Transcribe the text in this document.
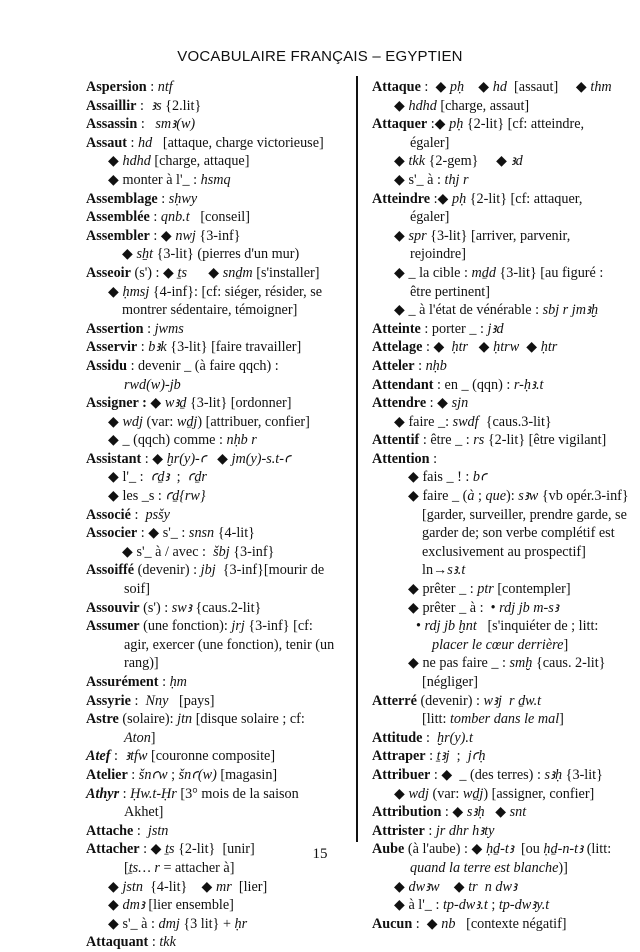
VOCABULAIRE FRANÇAIS – EGYPTIEN
Aspersion : ntf
Assaillir :  ꜣs {2.lit}
Assassin :   smꜣ(w)
Assaut : hd   [attaque, charge victorieuse]
◆ hdhd [charge, attaque]
◆ monter à l'_ : hsmq
Assemblage : sḥwy
Assemblée : qnb.t   [conseil]
Assembler : ◆ nwj {3-inf}
◆ sẖt {3-lit} (pierres d'un mur)
Asseoir (s') : ◆ ṯs      ◆ snḏm [s'installer]
◆ ḥmsj {4-inf}: [cf: siéger, résider, se
montrer sédentaire, témoigner]
Assertion : jwms
Asservir : bꜣk {3-lit} [faire travailler]
Assidu : devenir _ (à faire qqch) :
rwd(w)-jb
Assigner : ◆ wꜣḏ {3-lit} [ordonner]
◆ wdj (var: wḏj) [attribuer, confier]
◆ _ (qqch) comme : nḥb r
Assistant : ◆ ḫr(y)-ꜥ   ◆ jm(y)-s.t-ꜥ
◆ l'_ :  ꜥḏꜣ  ;  ꜥḏr
◆ les _s : ꜥḏ{rw}
Associé :  psšy
Associer : ◆ s'_ : snsn {4-lit}
◆ s'_ à / avec :  šbj {3-inf}
Assoiffé (devenir) : jbj  {3-inf}[mourir de
soif]
Assouvir (s') : swꜣ {caus.2-lit}
Assumer (une fonction): jrj {3-inf} [cf:
agir, exercer (une fonction), tenir (un
rang)]
Assurément : ḥm
Assyrie :  Nny   [pays]
Astre (solaire): jtn [disque solaire ; cf:
Aton]
Atef :  ꜣtfw [couronne composite]
Atelier : šnꜥw ; šnꜥ(w) [magasin]
Athyr : Ḥw.t-Ḥr [3° mois de la saison
Akhet]
Attache :  jstn
Attacher : ◆ ṯs {2-lit}  [unir]
[ṯs… r = attacher à]
◆ jstn  {4-lit}    ◆ mr  [lier]
◆ dmꜣ [lier ensemble]
◆ s'_ à : dmj {3 lit} + ḥr
Attaquant : tkk
Attaque :  ◆ pḥ    ◆ hd  [assaut]     ◆ thm
◆ hdhd [charge, assaut]
Attaquer :◆ pḥ {2-lit} [cf: atteindre,
égaler]
◆ tkk {2-gem}     ◆ ꜣd
◆ s'_ à : thj r
Atteindre :◆ pḥ {2-lit} [cf: attaquer,
égaler]
◆ spr {3-lit} [arriver, parvenir,
rejoindre]
◆ _ la cible : mḏd {3-lit} [au figuré :
être pertinent]
◆ _ à l'état de vénérable : sbj r jmꜣḫ
Atteinte : porter _ : jꜣd
Attelage : ◆  ḥtr   ◆ ḥtrw  ◆ ḥtr
Atteler : nḥb
Attendant : en _ (qqn) : r-ḥꜣ.t
Attendre : ◆ sjn
◆ faire _: swdf  {caus.3-lit}
Attentif : être _ : rs {2-lit} [être vigilant]
Attention :
◆ fais _ ! : bꜥ
◆ faire _ (à ; que): sꜣw {vb opér.3-inf}
[garder, surveiller, prendre garde, se
garder de; son verbe complétif est
exclusivement au prospectif]
ln→sꜣ.t
◆ prêter _ : ptr [contempler]
◆ prêter _ à :  • rdj jb m-sꜣ
• rdj jb ḫnt   [s'inquiéter de ; litt:
placer le cœur derrière]
◆ ne pas faire _ : smḫ {caus. 2-lit}
[négliger]
Atterré (devenir) : wꜣj  r ḏw.t
[litt: tomber dans le mal]
Attitude :  ḫr(y).t
Attraper : ṯꜣj  ;  jꜥḥ
Attribuer : ◆  _ (des terres) : sꜣḥ {3-lit}
◆ wdj (var: wḏj) [assigner, confier]
Attribution : ◆ sꜣḥ   ◆ snt
Attrister : jr dhr hꜣty
Aube (à l'aube) : ◆ ḥḏ-tꜣ  [ou ḥḏ-n-tꜣ (litt:
quand la terre est blanche)]
◆ dwꜣw    ◆ tr  n dwꜣ
◆ à l'_ : tp-dwꜣ.t ; tp-dwꜣy.t
Aucun :  ◆ nb   [contexte négatif]
15
